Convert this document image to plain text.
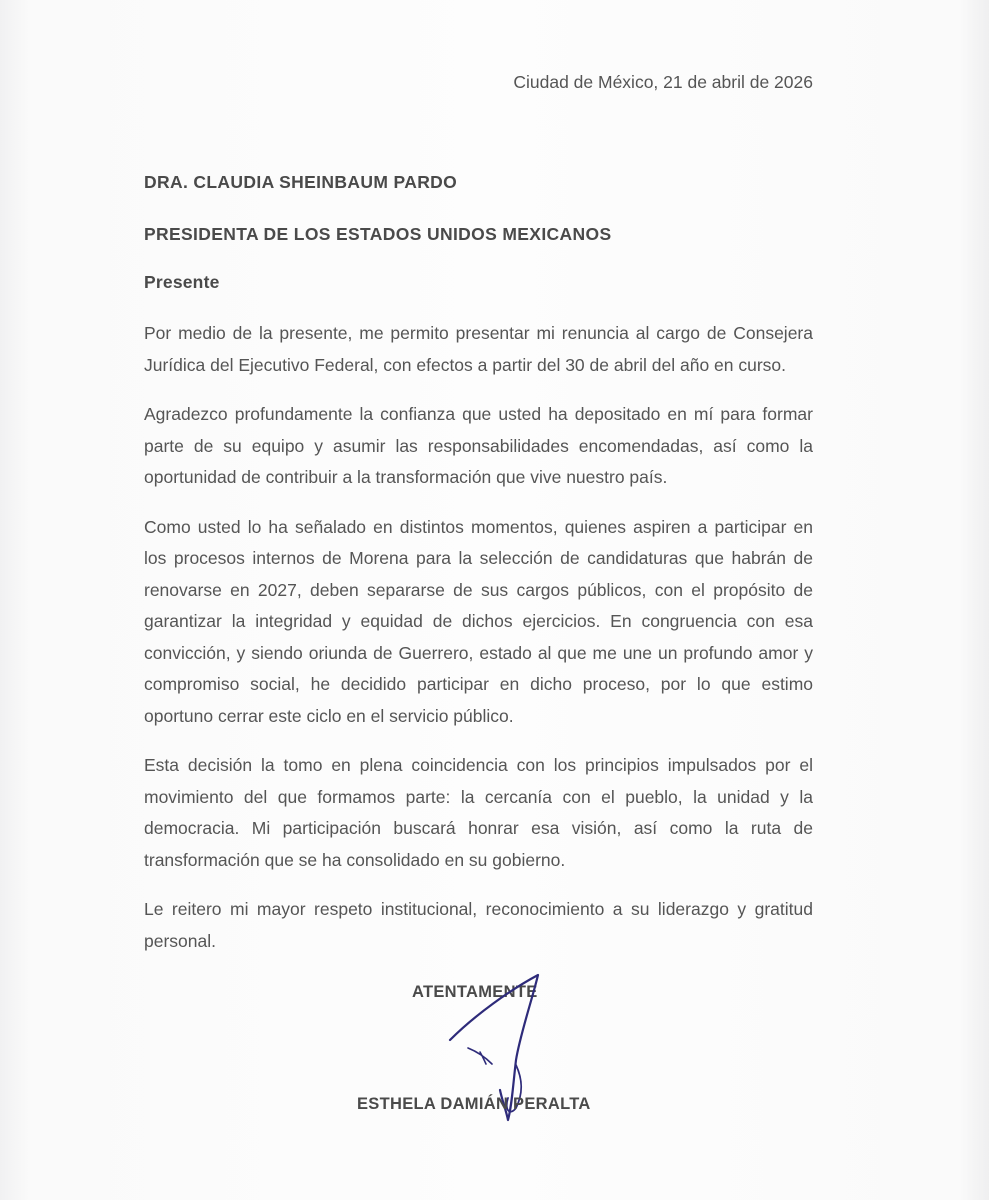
Ciudad de México, 21 de abril de 2026
DRA. CLAUDIA SHEINBAUM PARDO
PRESIDENTA DE LOS ESTADOS UNIDOS MEXICANOS
Presente

Por medio de la presente, me permito presentar mi renuncia al cargo de Consejera Jurídica del Ejecutivo Federal, con efectos a partir del 30 de abril del año en curso.

Agradezco profundamente la confianza que usted ha depositado en mí para formar parte de su equipo y asumir las responsabilidades encomendadas, así como la oportunidad de contribuir a la transformación que vive nuestro país.

Como usted lo ha señalado en distintos momentos, quienes aspiren a participar en los procesos internos de Morena para la selección de candidaturas que habrán de renovarse en 2027, deben separarse de sus cargos públicos, con el propósito de garantizar la integridad y equidad de dichos ejercicios. En congruencia con esa convicción, y siendo oriunda de Guerrero, estado al que me une un profundo amor y compromiso social, he decidido participar en dicho proceso, por lo que estimo oportuno cerrar este ciclo en el servicio público.

Esta decisión la tomo en plena coincidencia con los principios impulsados por el movimiento del que formamos parte: la cercanía con el pueblo, la unidad y la democracia. Mi participación buscará honrar esa visión, así como la ruta de transformación que se ha consolidado en su gobierno.

Le reitero mi mayor respeto institucional, reconocimiento a su liderazgo y gratitud personal.

ATENTAMENTE
ESTHELA DAMIÁN PERALTA
